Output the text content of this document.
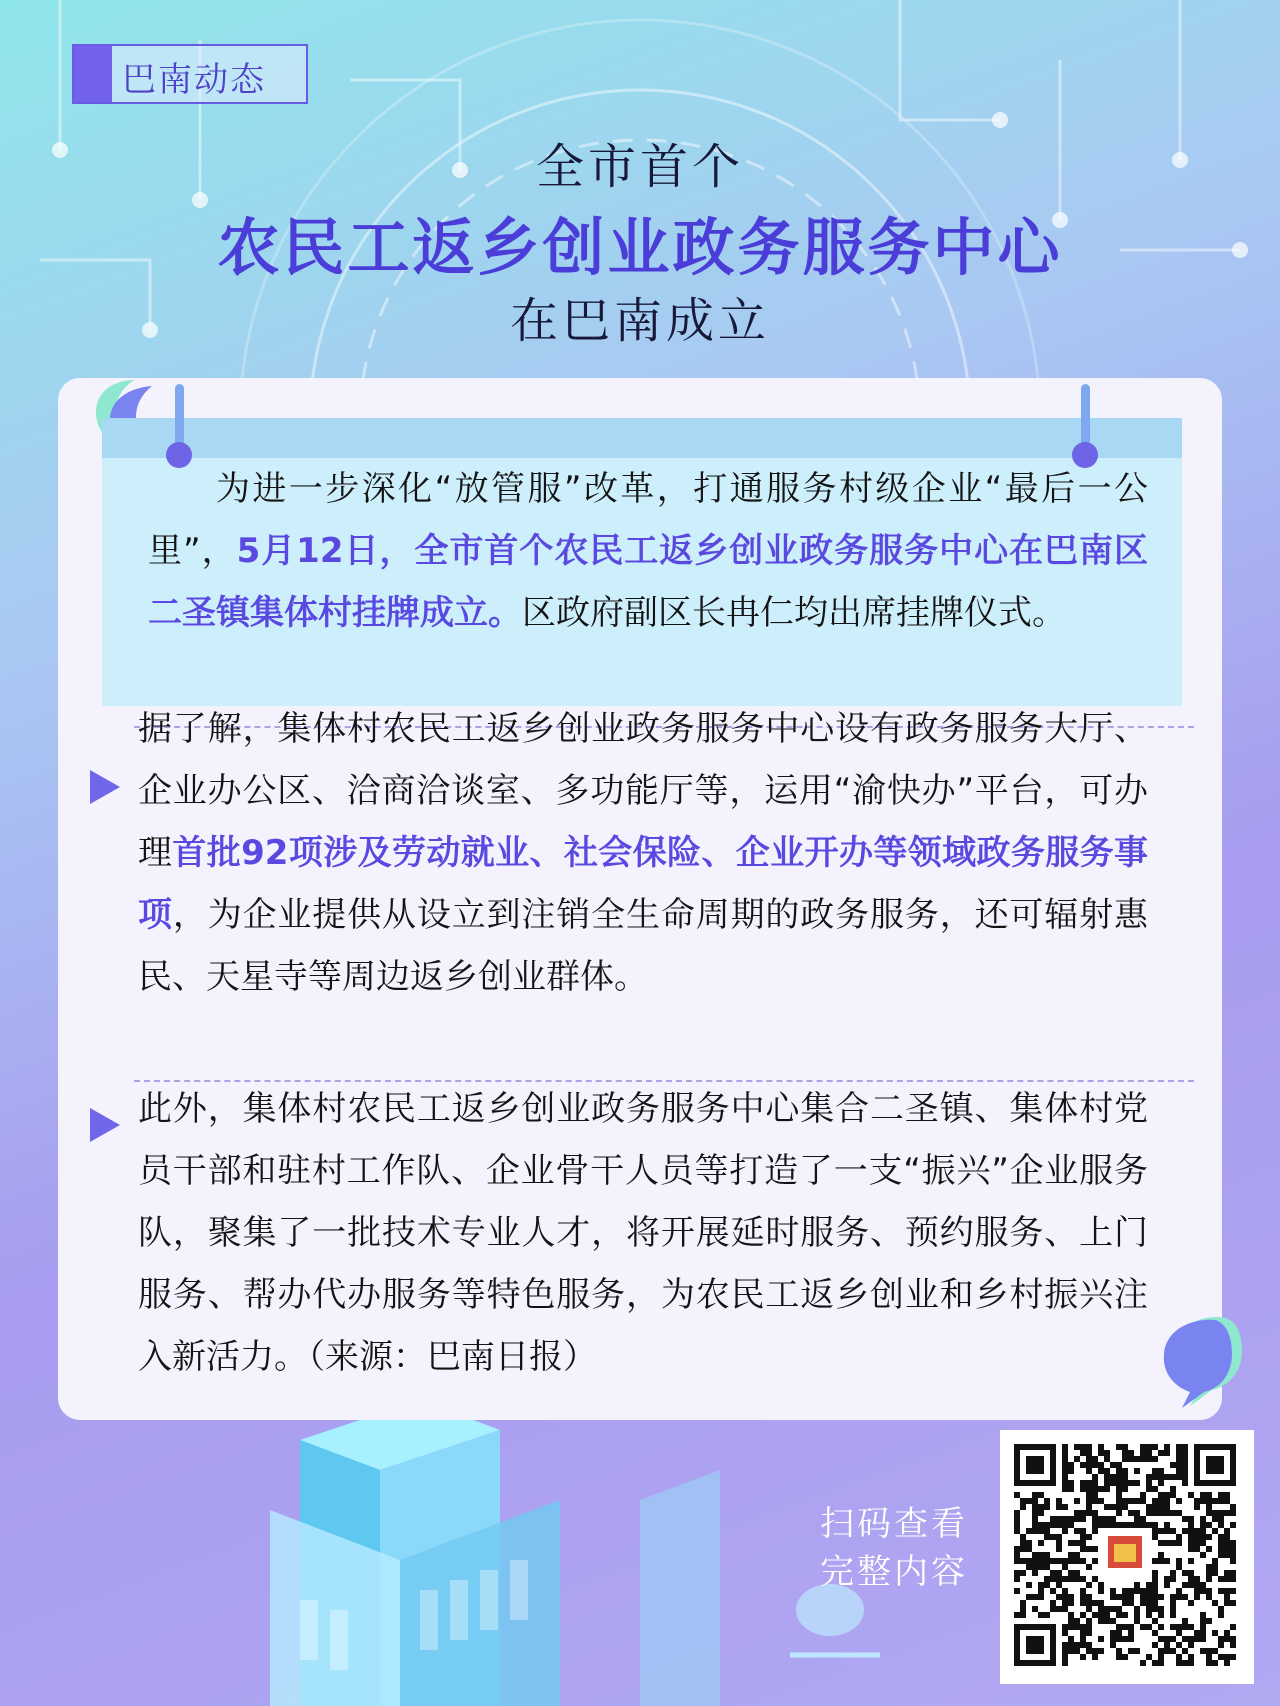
巴南动态
全市首个
农民工返乡创业政务服务中心
在巴南成立

为进一步深化“放管服”改革，打通服务村级企业“最后一公里”，5月12日，全市首个农民工返乡创业政务服务中心在巴南区二圣镇集体村挂牌成立。区政府副区长冉仁均出席挂牌仪式。

据了解，集体村农民工返乡创业政务服务中心设有政务服务大厅、企业办公区、洽商洽谈室、多功能厅等，运用“渝快办”平台，可办理首批92项涉及劳动就业、社会保险、企业开办等领域政务服务事项，为企业提供从设立到注销全生命周期的政务服务，还可辐射惠民、天星寺等周边返乡创业群体。

此外，集体村农民工返乡创业政务服务中心集合二圣镇、集体村党员干部和驻村工作队、企业骨干人员等打造了一支“振兴”企业服务队，聚集了一批技术专业人才，将开展延时服务、预约服务、上门服务、帮办代办服务等特色服务，为农民工返乡创业和乡村振兴注入新活力。（来源：巴南日报）

扫码查看
完整内容
